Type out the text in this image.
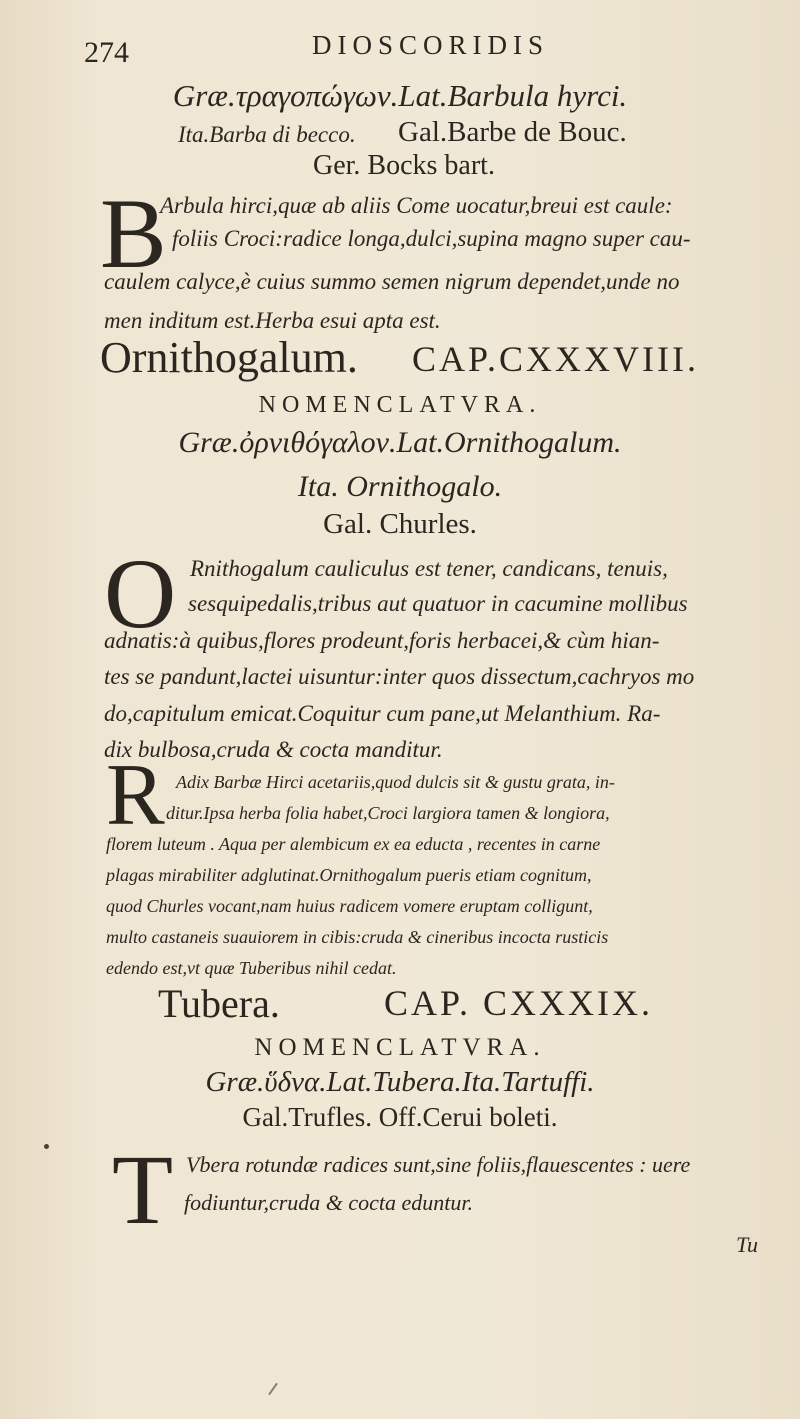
274	DIOSCORIDIS
Græ.τραγοπώγων.Lat.Barbula hyrci.
Ita.Barba di becco. Gal.Barbe de Bouc.
Ger. Bocks bart.
B
Arbula hirci,quæ ab aliis Come uocatur,breui est caule:
foliis Croci:radice longa,dulci,supina magno super cau-
caulem calyce,è cuius summo semen nigrum dependet,unde no
men inditum est.Herba esui apta est.
Ornithogalum. CAP.CXXXVIII.
NOMENCLATVRA.
Græ.ὀρνιθόγαλον.Lat.Ornithogalum.
Ita. Ornithogalo.
Gal. Churles.
O Rnithogalum cauliculus est tener, candicans, tenuis,
sesquipedalis,tribus aut quatuor in cacumine mollibus
adnatis:à quibus,flores prodeunt,foris herbacei,& cùm hian-
tes se pandunt,lactei uisuntur:inter quos dissectum,cachryos mo
do,capitulum emicat.Coquitur cum pane,ut Melanthium. Ra-
dix bulbosa,cruda & cocta manditur.
R Adix Barbæ Hirci acetariis,quod dulcis sit & gustu grata, in-
ditur.Ipsa herba folia habet,Croci largiora tamen & longiora,
florem luteum . Aqua per alembicum ex ea educta , recentes in carne
plagas mirabiliter adglutinat.Ornithogalum pueris etiam cognitum,
quod Churles vocant,nam huius radicem vomere eruptam colligunt,
multo castaneis suauiorem in cibis:cruda & cineribus incocta rusticis
edendo est,vt quæ Tuberibus nihil cedat.
Tubera.	CAP. CXXXIX.
NOMENCLATVRA.
Græ.ὕδνα.Lat.Tubera.Ita.Tartuffi.
Gal.Trufles. Off.Cerui boleti.
T Vbera rotundæ radices sunt,sine foliis,flauescentes : uere
fodiuntur,cruda & cocta eduntur.
Tu
